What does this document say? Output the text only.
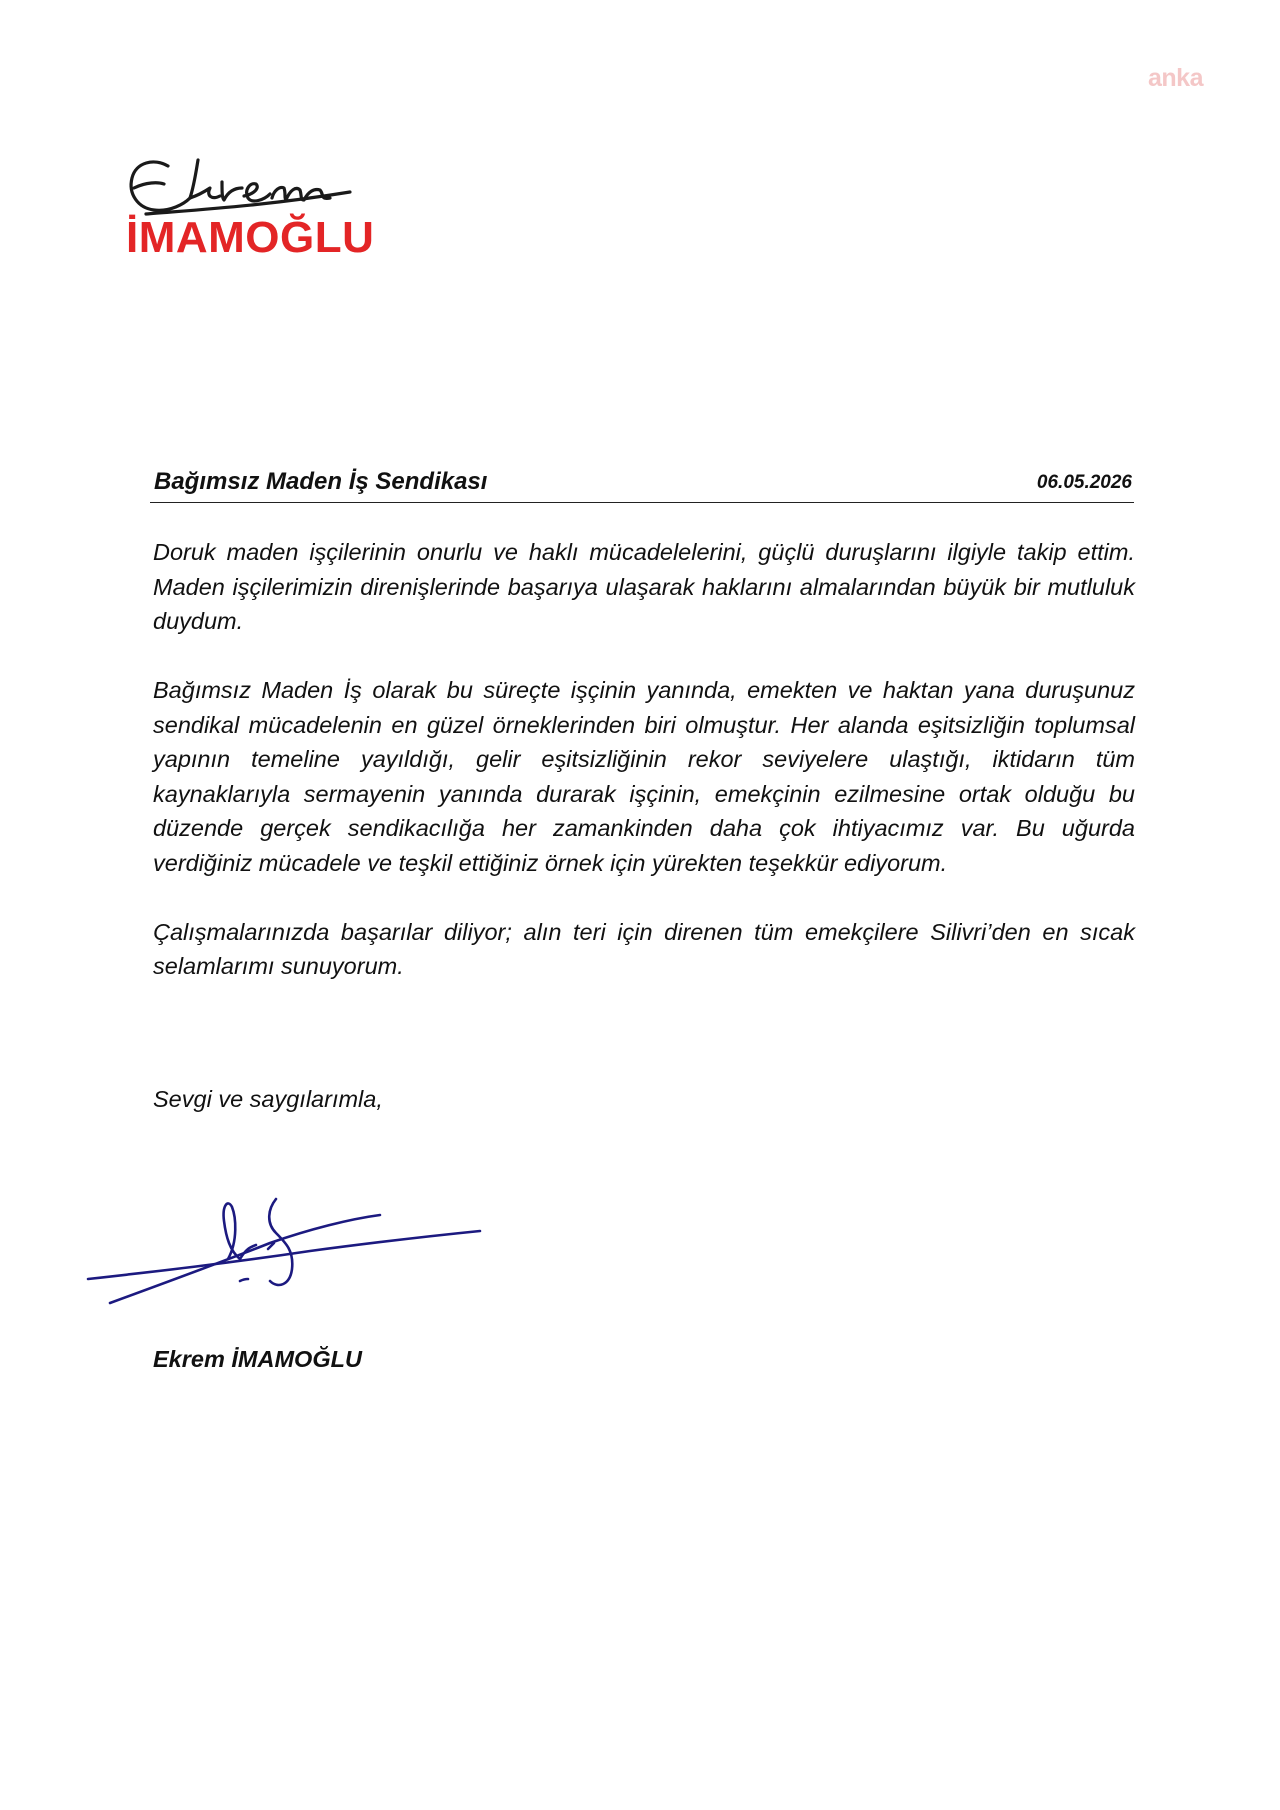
anka
İMAMOĞLU
Bağımsız Maden İş Sendikası	06.05.2026

Doruk maden işçilerinin onurlu ve haklı mücadelelerini, güçlü duruşlarını ilgiyle takip ettim. Maden işçilerimizin direnişlerinde başarıya ulaşarak haklarını almalarından büyük bir mutluluk duydum.

Bağımsız Maden İş olarak bu süreçte işçinin yanında, emekten ve haktan yana duruşunuz sendikal mücadelenin en güzel örneklerinden biri olmuştur. Her alanda eşitsizliğin toplumsal yapının temeline yayıldığı, gelir eşitsizliğinin rekor seviyelere ulaştığı, iktidarın tüm kaynaklarıyla sermayenin yanında durarak işçinin, emekçinin ezilmesine ortak olduğu bu düzende gerçek sendikacılığa her zamankinden daha çok ihtiyacımız var. Bu uğurda verdiğiniz mücadele ve teşkil ettiğiniz örnek için yürekten teşekkür ediyorum.

Çalışmalarınızda başarılar diliyor; alın teri için direnen tüm emekçilere Silivri’den en sıcak selamlarımı sunuyorum.

Sevgi ve saygılarımla,
Ekrem İMAMOĞLU
